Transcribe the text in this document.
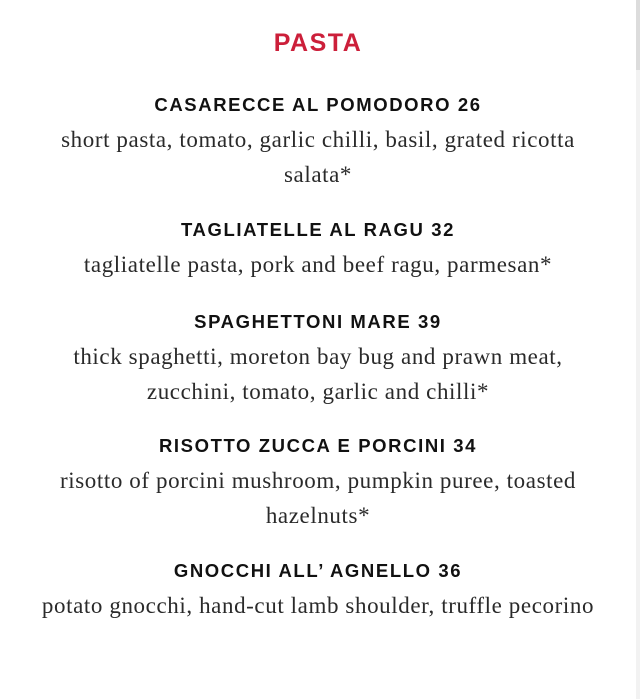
PASTA
CASARECCE AL POMODORO 26
short pasta, tomato, garlic chilli, basil, grated ricotta salata*
TAGLIATELLE AL RAGU 32
tagliatelle pasta, pork and beef ragu, parmesan*
SPAGHETTONI MARE 39
thick spaghetti, moreton bay bug and prawn meat, zucchini, tomato, garlic and chilli*
RISOTTO ZUCCA E PORCINI 34
risotto of porcini mushroom, pumpkin puree, toasted hazelnuts*
GNOCCHI ALL’ AGNELLO 36
potato gnocchi, hand-cut lamb shoulder, truffle pecorino
